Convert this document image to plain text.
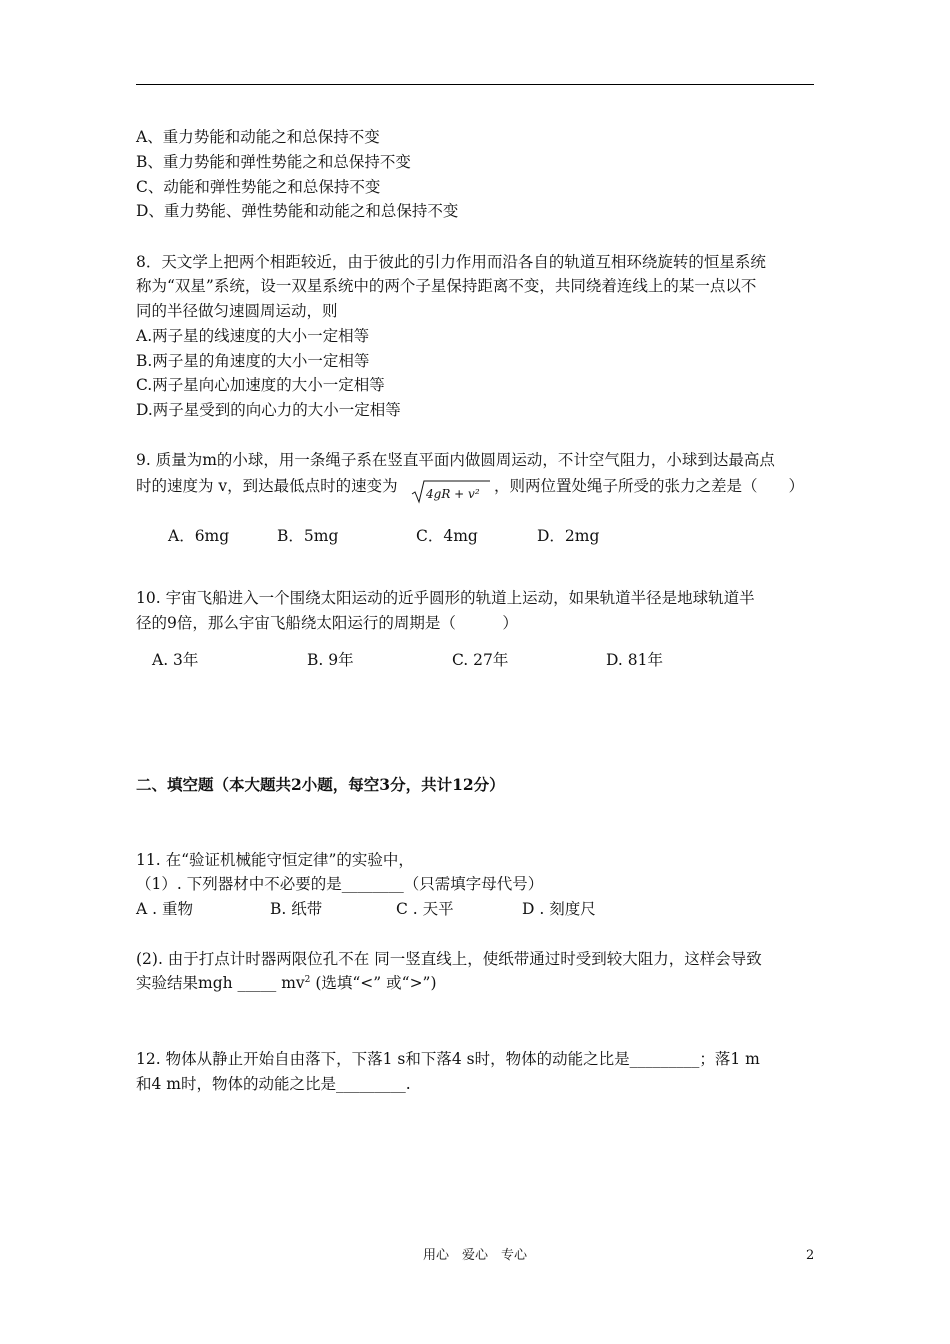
A、重力势能和动能之和总保持不变
B、重力势能和弹性势能之和总保持不变
C、动能和弹性势能之和总保持不变
D、重力势能、弹性势能和动能之和总保持不变
8．天文学上把两个相距较近，由于彼此的引力作用而沿各自的轨道互相环绕旋转的恒星系统
称为“双星”系统，设一双星系统中的两个子星保持距离不变，共同绕着连线上的某一点以不
同的半径做匀速圆周运动，则
A.两子星的线速度的大小一定相等
B.两子星的角速度的大小一定相等
C.两子星向心加速度的大小一定相等
D.两子星受到的向心力的大小一定相等
9. 质量为m的小球，用一条绳子系在竖直平面内做圆周运动，不计空气阻力，小球到达最高点
时的速度为 v，到达最低点时的速变为 4gR + v² ，则两位置处绳子所受的张力之差是（　　）
A．6mg	B．5mg	C．4mg	D．2mg
10. 宇宙飞船进入一个围绕太阳运动的近乎圆形的轨道上运动，如果轨道半径是地球轨道半
径的9倍，那么宇宙飞船绕太阳运行的周期是（　　　）
A. 3年	B. 9年	C. 27年	D. 81年
二、填空题（本大题共2小题，每空3分，共计12分）
11. 在“验证机械能守恒定律”的实验中，
（1）. 下列器材中不必要的是________（只需填字母代号）
A . 重物	B. 纸带	C . 天平	D . 刻度尺
(2). 由于打点计时器两限位孔不在 同一竖直线上，使纸带通过时受到较大阻力，这样会导致
实验结果mgh _____ $mv^2$ (选填“<” 或“>”)
12. 物体从静止开始自由落下，下落1 s和下落4 s时，物体的动能之比是_________；落1 m
和4 m时，物体的动能之比是_________.
用心　爱心　专心	2
